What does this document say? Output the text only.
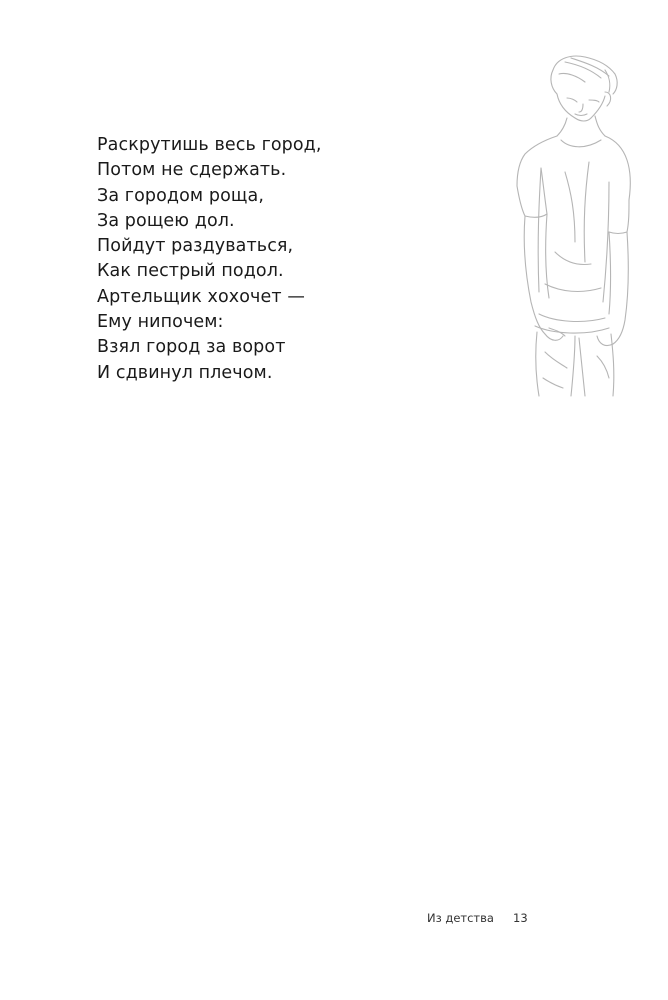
Раскрутишь весь город,
Потом не сдержать.
За городом роща,
За рощею дол.
Пойдут раздуваться,
Как пестрый подол.
Артельщик хохочет —
Ему нипочем:
Взял город за ворот
И сдвинул плечом.
Из детства 13
